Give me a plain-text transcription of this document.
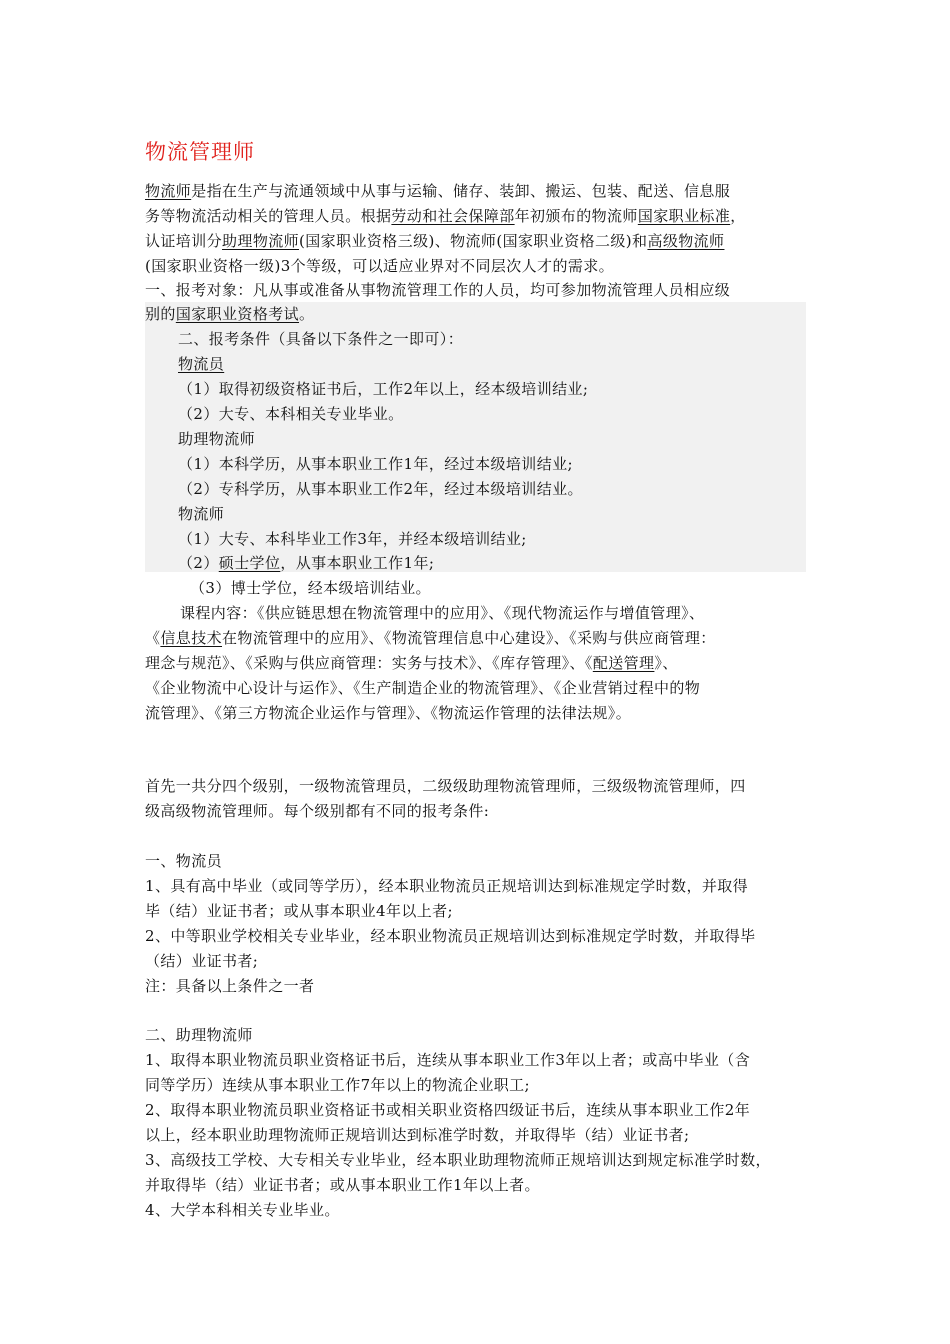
物流管理师
物流师是指在生产与流通领域中从事与运输、储存、装卸、搬运、包装、配送、信息服
务等物流活动相关的管理人员。根据劳动和社会保障部年初颁布的物流师国家职业标准，
认证培训分助理物流师(国家职业资格三级)、物流师(国家职业资格二级)和高级物流师
(国家职业资格一级)3个等级，可以适应业界对不同层次人才的需求。
一、报考对象：凡从事或准备从事物流管理工作的人员，均可参加物流管理人员相应级
别的国家职业资格考试。
二、报考条件（具备以下条件之一即可）：
物流员
（1）取得初级资格证书后，工作2年以上，经本级培训结业;
（2）大专、本科相关专业毕业。
助理物流师
（1）本科学历，从事本职业工作1年，经过本级培训结业;
（2）专科学历，从事本职业工作2年，经过本级培训结业。
物流师
（1）大专、本科毕业工作3年，并经本级培训结业;
（2）硕士学位，从事本职业工作1年;
（3）博士学位，经本级培训结业。
课程内容：《供应链思想在物流管理中的应用》、《现代物流运作与增值管理》、
《信息技术在物流管理中的应用》、《物流管理信息中心建设》、《采购与供应商管理：
理念与规范》、《采购与供应商管理：实务与技术》、《库存管理》、《配送管理》、
《企业物流中心设计与运作》、《生产制造企业的物流管理》、《企业营销过程中的物
流管理》、《第三方物流企业运作与管理》、《物流运作管理的法律法规》。
首先一共分四个级别，一级物流管理员，二级级助理物流管理师，三级级物流管理师，四
级高级物流管理师。每个级别都有不同的报考条件:
一、物流员
1、具有高中毕业（或同等学历），经本职业物流员正规培训达到标准规定学时数，并取得
毕（结）业证书者；或从事本职业4年以上者;
2、中等职业学校相关专业毕业，经本职业物流员正规培训达到标准规定学时数，并取得毕
（结）业证书者;
注：具备以上条件之一者
二、助理物流师
1、取得本职业物流员职业资格证书后，连续从事本职业工作3年以上者；或高中毕业（含
同等学历）连续从事本职业工作7年以上的物流企业职工;
2、取得本职业物流员职业资格证书或相关职业资格四级证书后，连续从事本职业工作2年
以上，经本职业助理物流师正规培训达到标准学时数，并取得毕（结）业证书者;
3、高级技工学校、大专相关专业毕业，经本职业助理物流师正规培训达到规定标准学时数，
并取得毕（结）业证书者；或从事本职业工作1年以上者。
4、大学本科相关专业毕业。
